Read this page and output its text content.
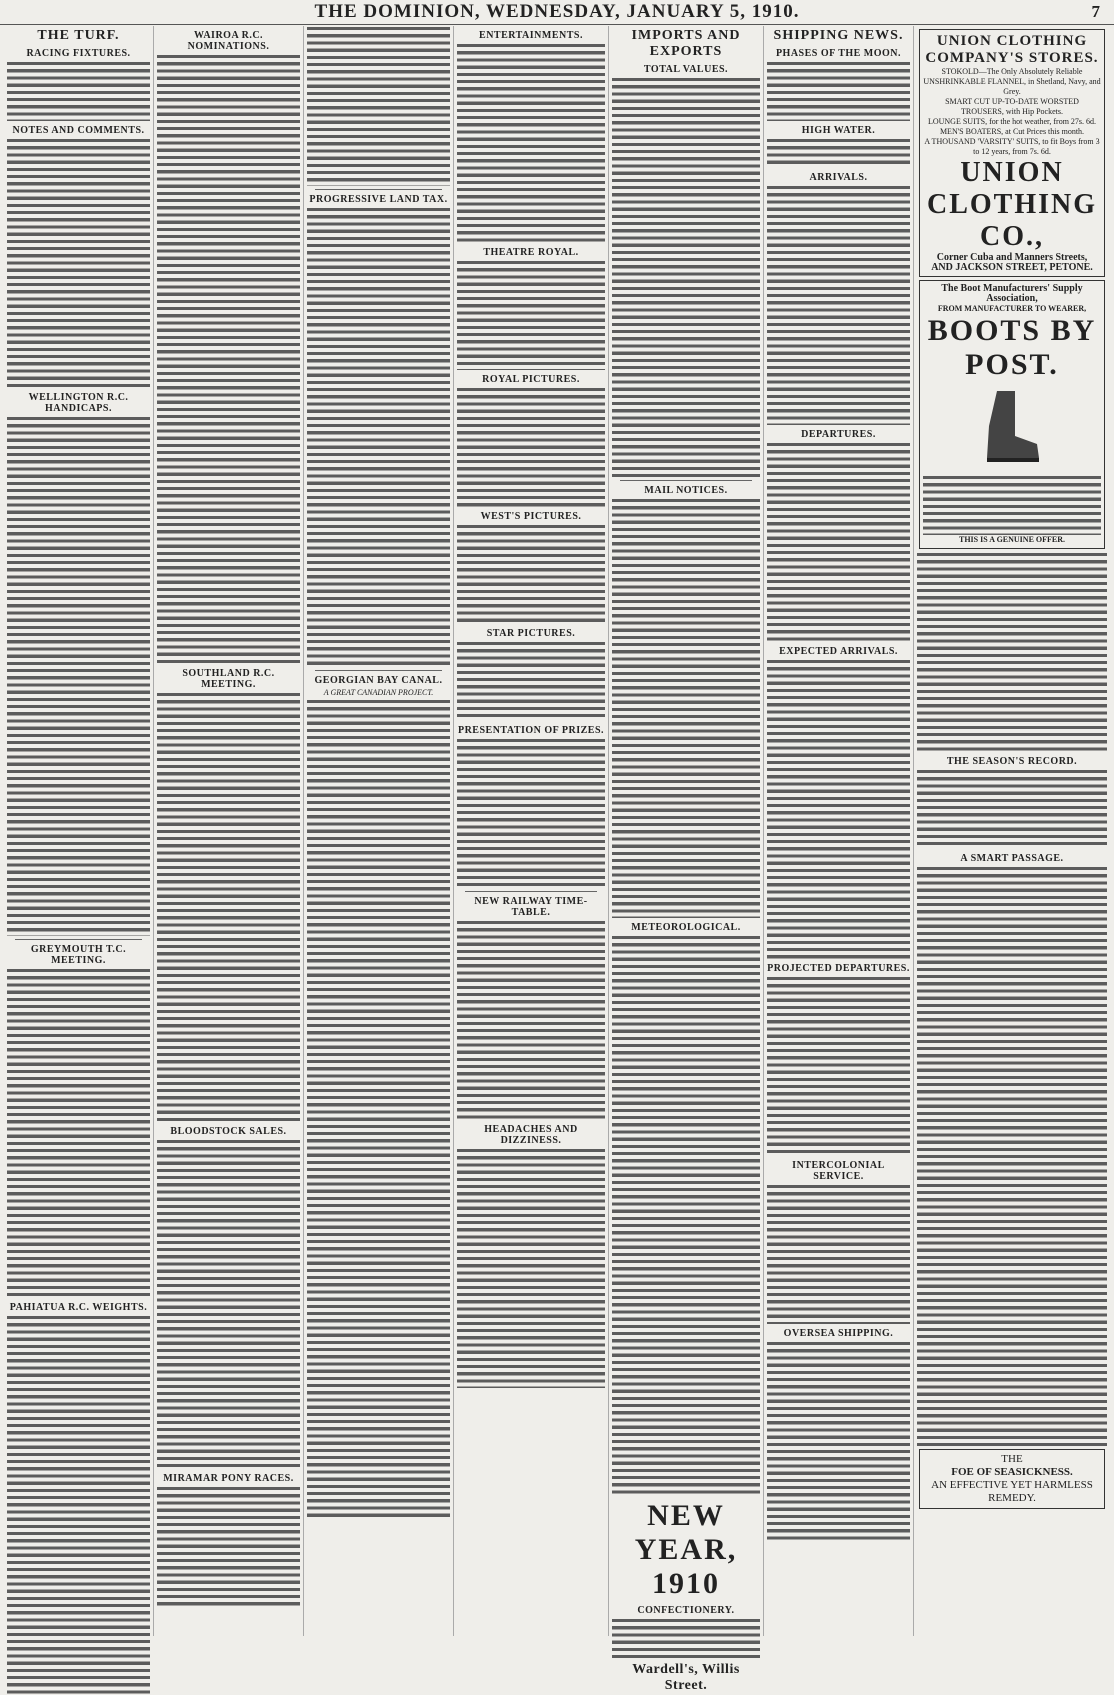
THE DOMINION, WEDNESDAY, JANUARY 5, 1910.	7
THE TURF.
RACING FIXTURES.
NOTES AND COMMENTS.
WELLINGTON R.C. HANDICAPS.
GREYMOUTH T.C. MEETING.
PAHIATUA R.C. WEIGHTS.
WAIROA R.C. NOMINATIONS.
SOUTHLAND R.C. MEETING.
BLOODSTOCK SALES.
MIRAMAR PONY RACES.
PROGRESSIVE LAND TAX.
GEORGIAN BAY CANAL.
A GREAT CANADIAN PROJECT.
ENTERTAINMENTS.
THEATRE ROYAL.
ROYAL PICTURES.
WEST'S PICTURES.
STAR PICTURES.
PRESENTATION OF PRIZES.
NEW RAILWAY TIME-TABLE.
HEADACHES AND DIZZINESS.
IMPORTS AND EXPORTS
TOTAL VALUES.
MAIL NOTICES.
METEOROLOGICAL.
NEW YEAR, 1910
CONFECTIONERY.
Wardell's, Willis Street.
SHIPPING NEWS.
PHASES OF THE MOON.
HIGH WATER.
ARRIVALS.
DEPARTURES.
EXPECTED ARRIVALS.
PROJECTED DEPARTURES.
INTERCOLONIAL SERVICE.
OVERSEA SHIPPING.
UNION CLOTHING COMPANY'S STORES.
STOKOLD—The Only Absolutely Reliable UNSHRINKABLE FLANNEL, in Shetland, Navy, and Grey.
SMART CUT UP-TO-DATE WORSTED TROUSERS, with Hip Pockets.
LOUNGE SUITS, for the hot weather, from 27s. 6d.
MEN'S BOATERS, at Cut Prices this month.
A THOUSAND 'VARSITY' SUITS, to fit Boys from 3 to 12 years, from 7s. 6d.
UNION CLOTHING CO.,
Corner Cuba and Manners Streets,
AND JACKSON STREET, PETONE.
The Boot Manufacturers' Supply Association,
FROM MANUFACTURER TO WEARER,
BOOTS BY POST.
THIS IS A GENUINE OFFER.
THE SEASON'S RECORD.
A SMART PASSAGE.
THE
FOE OF SEASICKNESS.
AN EFFECTIVE YET HARMLESS REMEDY.
